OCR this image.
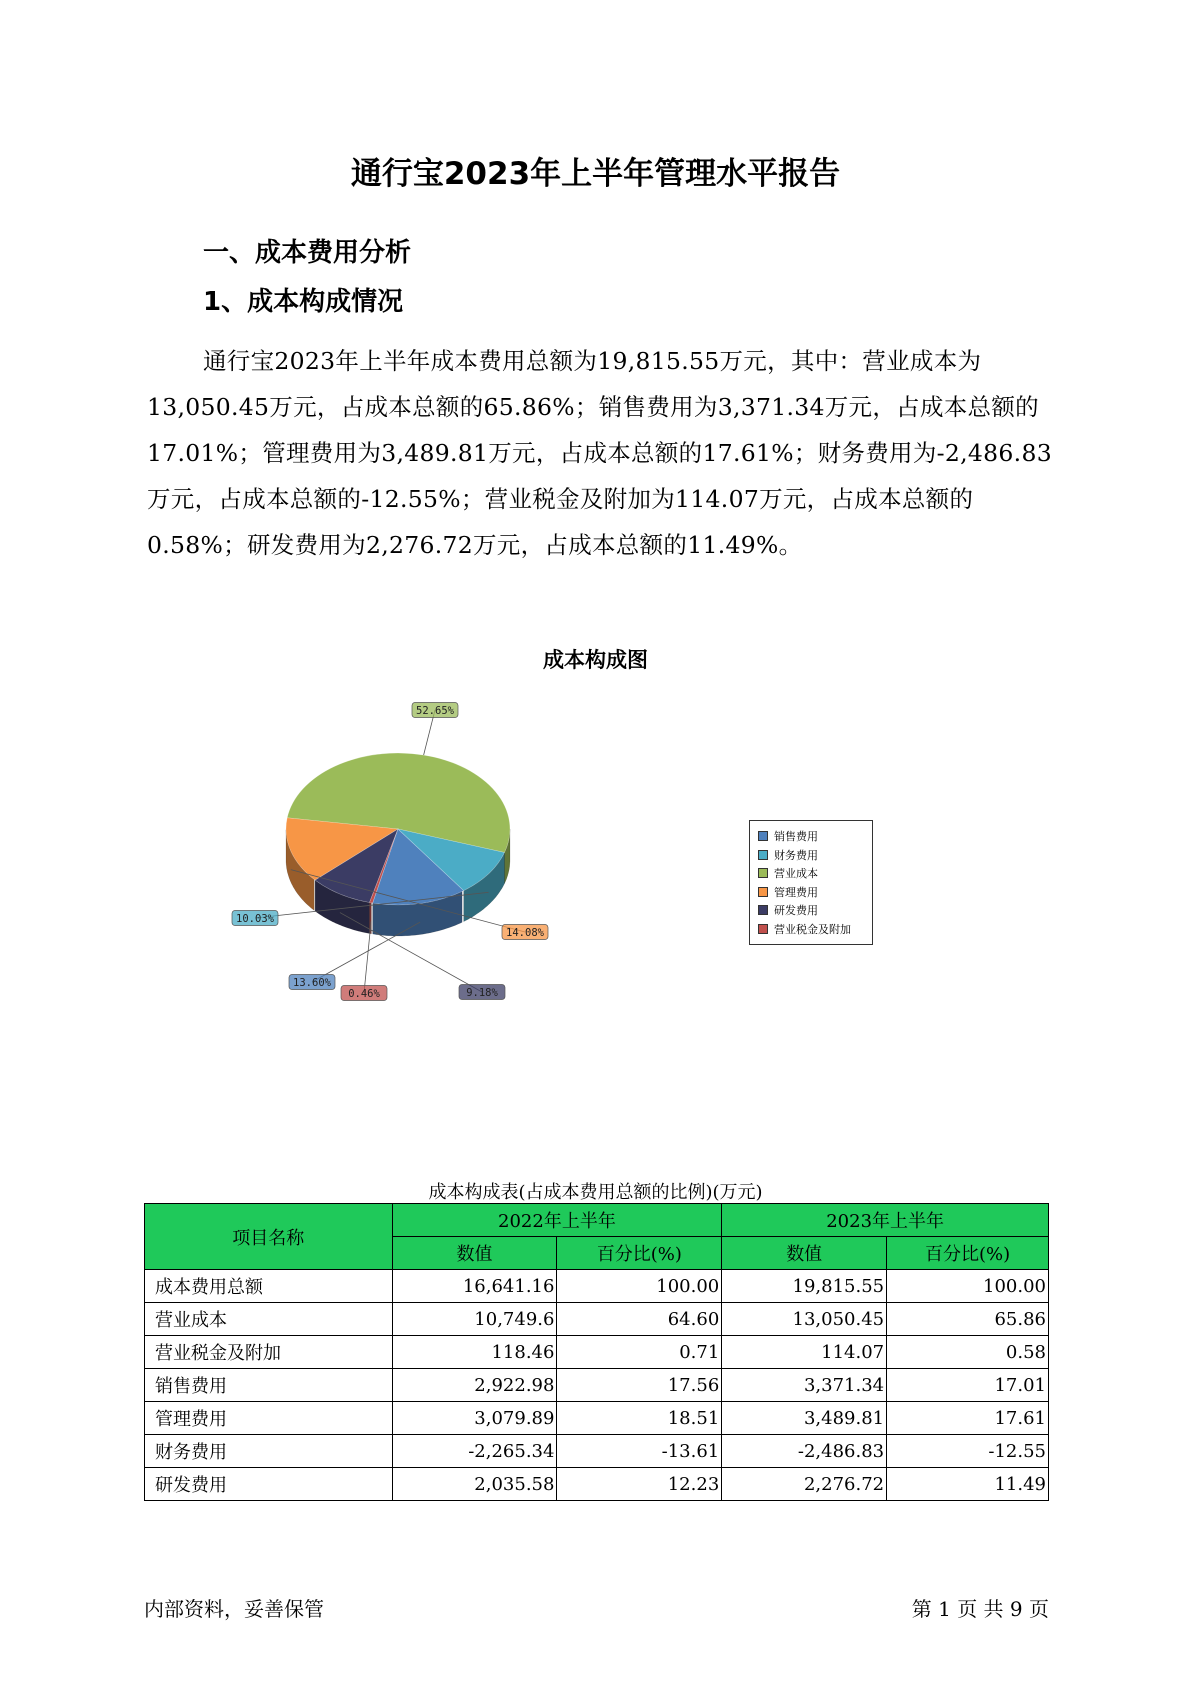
通行宝2023年上半年管理水平报告
一、成本费用分析
1、成本构成情况
通行宝2023年上半年成本费用总额为19,815.55万元，其中：营业成本为13,050.45万元，占成本总额的65.86%；销售费用为3,371.34万元，占成本总额的17.01%；管理费用为3,489.81万元，占成本总额的17.61%；财务费用为-2,486.83万元，占成本总额的-12.55%；营业税金及附加为114.07万元，占成本总额的0.58%；研发费用为2,276.72万元，占成本总额的11.49%。
成本构成图
52.65%
14.08%
9.18%
0.46%
13.60%
10.03%
销售费用
财务费用
营业成本
管理费用
研发费用
营业税金及附加
成本构成表(占成本费用总额的比例)(万元)
项目名称	2022年上半年		2023年上半年	
	数值	百分比(%)	数值	百分比(%)
成本费用总额	16,641.16	100.00	19,815.55	100.00
营业成本	10,749.6	64.60	13,050.45	65.86
营业税金及附加	118.46	0.71	114.07	0.58
销售费用	2,922.98	17.56	3,371.34	17.01
管理费用	3,079.89	18.51	3,489.81	17.61
财务费用	-2,265.34	-13.61	-2,486.83	-12.55
研发费用	2,035.58	12.23	2,276.72	11.49
内部资料，妥善保管	第 1 页 共 9 页
